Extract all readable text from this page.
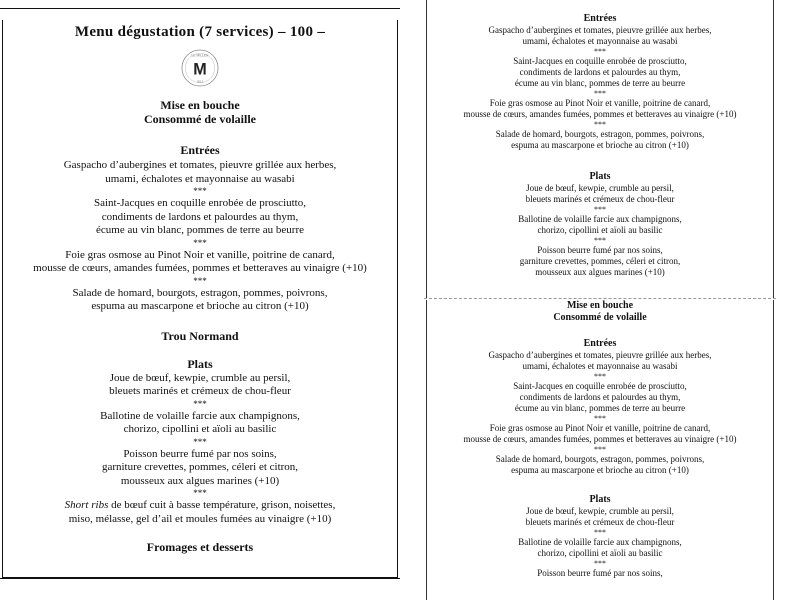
Menu dégustation (7 services) – 100 –
M
LE MILLEN
2012
Mise en bouche
Consommé de volaille
Entrées
Gaspacho d’aubergines et tomates, pieuvre grillée aux herbes,
umami, échalotes et mayonnaise au wasabi
***
Saint-Jacques en coquille enrobée de prosciutto,
condiments de lardons et palourdes au thym,
écume au vin blanc, pommes de terre au beurre
***
Foie gras osmose au Pinot Noir et vanille, poitrine de canard,
mousse de cœurs, amandes fumées, pommes et betteraves au vinaigre (+10)
***
Salade de homard, bourgots, estragon, pommes, poivrons,
espuma au mascarpone et brioche au citron (+10)
Trou Normand
Plats
Joue de bœuf, kewpie, crumble au persil,
bleuets marinés et crémeux de chou-fleur
***
Ballotine de volaille farcie aux champignons,
chorizo, cipollini et aïoli au basilic
***
Poisson beurre fumé par nos soins,
garniture crevettes, pommes, céleri et citron,
mousseux aux algues marines (+10)
***
Short ribs de bœuf cuit à basse température, grison, noisettes,
miso, mélasse, gel d’ail et moules fumées au vinaigre (+10)
Fromages et desserts
Entrées
Gaspacho d’aubergines et tomates, pieuvre grillée aux herbes,
umami, échalotes et mayonnaise au wasabi
***
Saint-Jacques en coquille enrobée de prosciutto,
condiments de lardons et palourdes au thym,
écume au vin blanc, pommes de terre au beurre
***
Foie gras osmose au Pinot Noir et vanille, poitrine de canard,
mousse de cœurs, amandes fumées, pommes et betteraves au vinaigre (+10)
***
Salade de homard, bourgots, estragon, pommes, poivrons,
espuma au mascarpone et brioche au citron (+10)
Plats
Joue de bœuf, kewpie, crumble au persil,
bleuets marinés et crémeux de chou-fleur
***
Ballotine de volaille farcie aux champignons,
chorizo, cipollini et aïoli au basilic
***
Poisson beurre fumé par nos soins,
garniture crevettes, pommes, céleri et citron,
mousseux aux algues marines (+10)
Mise en bouche
Consommé de volaille
Entrées
Gaspacho d’aubergines et tomates, pieuvre grillée aux herbes,
umami, échalotes et mayonnaise au wasabi
***
Saint-Jacques en coquille enrobée de prosciutto,
condiments de lardons et palourdes au thym,
écume au vin blanc, pommes de terre au beurre
***
Foie gras osmose au Pinot Noir et vanille, poitrine de canard,
mousse de cœurs, amandes fumées, pommes et betteraves au vinaigre (+10)
***
Salade de homard, bourgots, estragon, pommes, poivrons,
espuma au mascarpone et brioche au citron (+10)
Plats
Joue de bœuf, kewpie, crumble au persil,
bleuets marinés et crémeux de chou-fleur
***
Ballotine de volaille farcie aux champignons,
chorizo, cipollini et aïoli au basilic
***
Poisson beurre fumé par nos soins,
